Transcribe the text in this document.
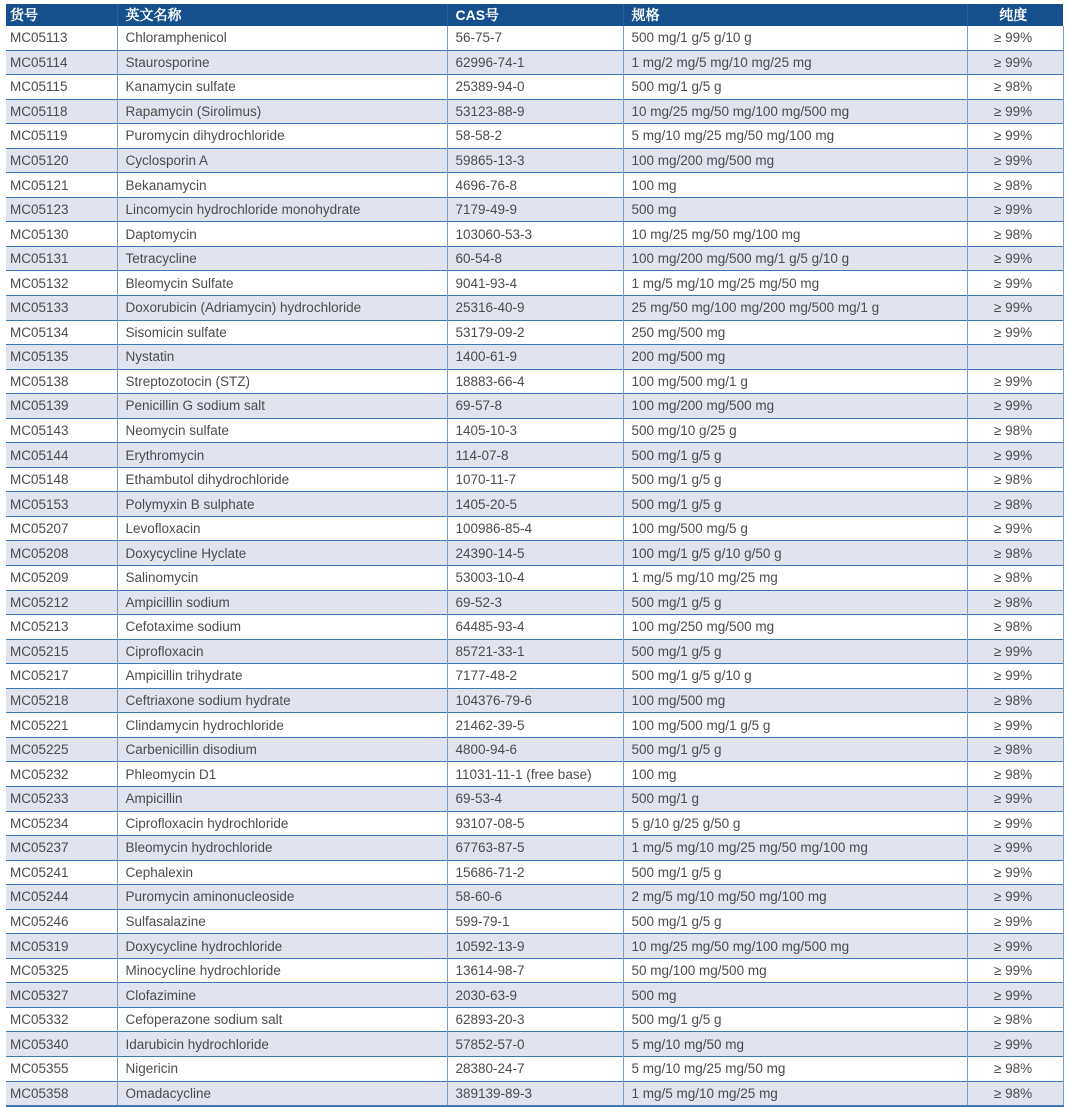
货号	英文名称	CAS号	规格	纯度
MC05113	Chloramphenicol	56-75-7	500 mg/1 g/5 g/10 g	≥ 99%
MC05114	Staurosporine	62996-74-1	1 mg/2 mg/5 mg/10 mg/25 mg	≥ 99%
MC05115	Kanamycin sulfate	25389-94-0	500 mg/1 g/5 g	≥ 98%
MC05118	Rapamycin (Sirolimus)	53123-88-9	10 mg/25 mg/50 mg/100 mg/500 mg	≥ 99%
MC05119	Puromycin dihydrochloride	58-58-2	5 mg/10 mg/25 mg/50 mg/100 mg	≥ 99%
MC05120	Cyclosporin A	59865-13-3	100 mg/200 mg/500 mg	≥ 99%
MC05121	Bekanamycin	4696-76-8	100 mg	≥ 98%
MC05123	Lincomycin hydrochloride monohydrate	7179-49-9	500 mg	≥ 99%
MC05130	Daptomycin	103060-53-3	10 mg/25 mg/50 mg/100 mg	≥ 98%
MC05131	Tetracycline	60-54-8	100 mg/200 mg/500 mg/1 g/5 g/10 g	≥ 99%
MC05132	Bleomycin Sulfate	9041-93-4	1 mg/5 mg/10 mg/25 mg/50 mg	≥ 99%
MC05133	Doxorubicin (Adriamycin) hydrochloride	25316-40-9	25 mg/50 mg/100 mg/200 mg/500 mg/1 g	≥ 99%
MC05134	Sisomicin sulfate	53179-09-2	250 mg/500 mg	≥ 99%
MC05135	Nystatin	1400-61-9	200 mg/500 mg	
MC05138	Streptozotocin (STZ)	18883-66-4	100 mg/500 mg/1 g	≥ 99%
MC05139	Penicillin G sodium salt	69-57-8	100 mg/200 mg/500 mg	≥ 99%
MC05143	Neomycin sulfate	1405-10-3	500 mg/10 g/25 g	≥ 98%
MC05144	Erythromycin	114-07-8	500 mg/1 g/5 g	≥ 99%
MC05148	Ethambutol dihydrochloride	1070-11-7	500 mg/1 g/5 g	≥ 98%
MC05153	Polymyxin B sulphate	1405-20-5	500 mg/1 g/5 g	≥ 98%
MC05207	Levofloxacin	100986-85-4	100 mg/500 mg/5 g	≥ 99%
MC05208	Doxycycline Hyclate	24390-14-5	100 mg/1 g/5 g/10 g/50 g	≥ 98%
MC05209	Salinomycin	53003-10-4	1 mg/5 mg/10 mg/25 mg	≥ 98%
MC05212	Ampicillin sodium	69-52-3	500 mg/1 g/5 g	≥ 98%
MC05213	Cefotaxime sodium	64485-93-4	100 mg/250 mg/500 mg	≥ 98%
MC05215	Ciprofloxacin	85721-33-1	500 mg/1 g/5 g	≥ 99%
MC05217	Ampicillin trihydrate	7177-48-2	500 mg/1 g/5 g/10 g	≥ 99%
MC05218	Ceftriaxone sodium hydrate	104376-79-6	100 mg/500 mg	≥ 98%
MC05221	Clindamycin hydrochloride	21462-39-5	100 mg/500 mg/1 g/5 g	≥ 99%
MC05225	Carbenicillin disodium	4800-94-6	500 mg/1 g/5 g	≥ 98%
MC05232	Phleomycin D1	11031-11-1 (free base)	100 mg	≥ 98%
MC05233	Ampicillin	69-53-4	500 mg/1 g	≥ 99%
MC05234	Ciprofloxacin hydrochloride	93107-08-5	5 g/10 g/25 g/50 g	≥ 99%
MC05237	Bleomycin hydrochloride	67763-87-5	1 mg/5 mg/10 mg/25 mg/50 mg/100 mg	≥ 99%
MC05241	Cephalexin	15686-71-2	500 mg/1 g/5 g	≥ 99%
MC05244	Puromycin aminonucleoside	58-60-6	2 mg/5 mg/10 mg/50 mg/100 mg	≥ 99%
MC05246	Sulfasalazine	599-79-1	500 mg/1 g/5 g	≥ 99%
MC05319	Doxycycline hydrochloride	10592-13-9	10 mg/25 mg/50 mg/100 mg/500 mg	≥ 99%
MC05325	Minocycline hydrochloride	13614-98-7	50 mg/100 mg/500 mg	≥ 99%
MC05327	Clofazimine	2030-63-9	500 mg	≥ 99%
MC05332	Cefoperazone sodium salt	62893-20-3	500 mg/1 g/5 g	≥ 98%
MC05340	Idarubicin hydrochloride	57852-57-0	5 mg/10 mg/50 mg	≥ 99%
MC05355	Nigericin	28380-24-7	5 mg/10 mg/25 mg/50 mg	≥ 98%
MC05358	Omadacycline	389139-89-3	1 mg/5 mg/10 mg/25 mg	≥ 98%
